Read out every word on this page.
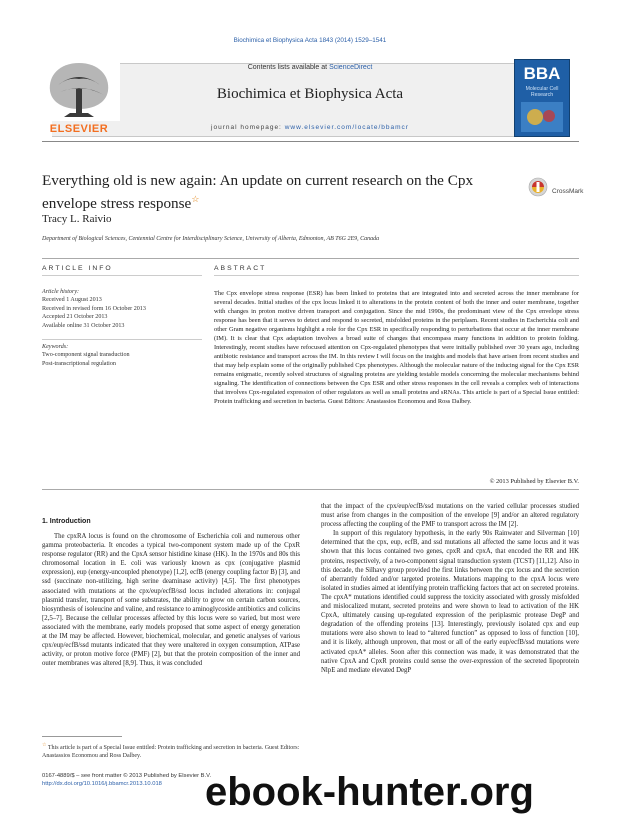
Biochimica et Biophysica Acta 1843 (2014) 1529–1541
Contents lists available at ScienceDirect
Biochimica et Biophysica Acta
journal homepage: www.elsevier.com/locate/bbamcr
ELSEVIER
BBA
Molecular Cell Research
Everything old is new again: An update on current research on the Cpx envelope stress response☆
CrossMark
Tracy L. Raivio
Department of Biological Sciences, Centennial Centre for Interdisciplinary Science, University of Alberta, Edmonton, AB T6G 2E9, Canada
ARTICLE INFO	ABSTRACT
Article history:
Received 1 August 2013
Received in revised form 16 October 2013
Accepted 21 October 2013
Available online 31 October 2013
Keywords:
Two-component signal transduction
Post-transcriptional regulation
The Cpx envelope stress response (ESR) has been linked to proteins that are integrated into and secreted across the inner membrane for several decades. Initial studies of the cpx locus linked it to alterations in the protein content of both the inner and outer membrane, together with changes in proton motive driven transport and conjugation. Since the mid 1990s, the predominant view of the Cpx envelope stress response has been that it serves to detect and respond to secreted, misfolded proteins in the periplasm. Recent studies in Escherichia coli and other Gram negative organisms highlight a role for the Cpx ESR in specifically responding to perturbations that occur at the inner membrane (IM). It is clear that Cpx adaptation involves a broad suite of changes that encompass many functions in addition to protein folding. Interestingly, recent studies have refocused attention on Cpx-regulated phenotypes that were initially published over 30 years ago, including antibiotic resistance and transport across the IM. In this review I will focus on the insights and models that have arisen from recent studies and that may help explain some of the originally published Cpx phenotypes. Although the molecular nature of the inducing signal for the Cpx ESR remains enigmatic, recently solved structures of signaling proteins are yielding testable models concerning the molecular mechanisms behind signaling. The identification of connections between the Cpx ESR and other stress responses in the cell reveals a complex web of interactions that involves Cpx-regulated expression of other regulators as well as small proteins and sRNAs. This article is part of a Special Issue entitled: Protein trafficking and secretion in bacteria. Guest Editors: Anastassios Economou and Ross Dalbey.
© 2013 Published by Elsevier B.V.
1. Introduction

The cpxRA locus is found on the chromosome of Escherichia coli and numerous other gamma proteobacteria. It encodes a typical two-component system made up of the CpxR response regulator (RR) and the CpxA sensor histidine kinase (HK). In the 1970s and 80s this chromosomal location in E. coli was variously known as cpx (conjugative plasmid expression), eup (energy-uncoupled phenotype) [1,2], ecfB (energy coupling factor B) [3], and ssd (succinate non-utilizing, high serine deaminase activity) [4,5]. The first phenotypes associated with mutations at the cpx/eup/ecfB/ssd locus included alterations in: conjugal plasmid transfer, transport of some substrates, the ability to grow on certain carbon sources, biosynthesis of isoleucine and valine, and resistance to aminoglycoside antibiotics and colicins [2,5–7]. Because the cellular processes affected by this locus were so varied, but most were associated with the membrane, early models proposed that some aspect of energy generation at the IM may be affected. However, biochemical, molecular, and genetic analyses of various cpx/eup/ecfB/ssd mutants indicated that they were unaltered in oxygen consumption, ATPase activity, or proton motive force (PMF) [2], but that the protein composition of the inner and outer membranes was altered [8,9]. Thus, it was concluded

that the impact of the cpx/eup/ecfB/ssd mutations on the varied cellular processes studied must arise from changes in the composition of the envelope [9] and/or an altered regulatory process affecting the coupling of the PMF to transport across the IM [2].

In support of this regulatory hypothesis, in the early 90s Rainwater and Silverman [10] determined that the cpx, eup, ecfB, and ssd mutations all affected the same locus and it was shown that this locus contained two genes, cpxR and cpxA, that encoded the RR and HK proteins, respectively, of a two-component signal transduction system (TCST) [11,12]. Also in this decade, the Silhavy group provided the first links between the cpx locus and the secretion of aberrantly folded and/or targeted proteins. Mutations mapping to the cpxA locus were isolated in studies aimed at identifying protein trafficking factors that act on secreted proteins. The cpxA* mutations identified could suppress the toxicity associated with grossly misfolded and mislocalized mutant, secreted proteins and were shown to lead to activation of the HK CpxA, ultimately causing up-regulated expression of the periplasmic protease DegP and degradation of the offending proteins [13]. Interestingly, previously isolated cpx and eup mutations were also shown to lead to “altered function” as opposed to loss of function [10], and it is likely, although unproven, that most or all of the early eup/ecfB/ssd mutations were activated cpxA* alleles. Soon after this connection was made, it was demonstrated that the native CpxA and CpxR proteins could sense the over-expression of the secreted lipoprotein NlpE and mediate elevated DegP

☆ This article is part of a Special Issue entitled: Protein trafficking and secretion in bacteria. Guest Editors: Anastassios Economou and Ross Dalbey.
0167-4889/$ – see front matter © 2013 Published by Elsevier B.V.
http://dx.doi.org/10.1016/j.bbamcr.2013.10.018	ebook-hunter.org
